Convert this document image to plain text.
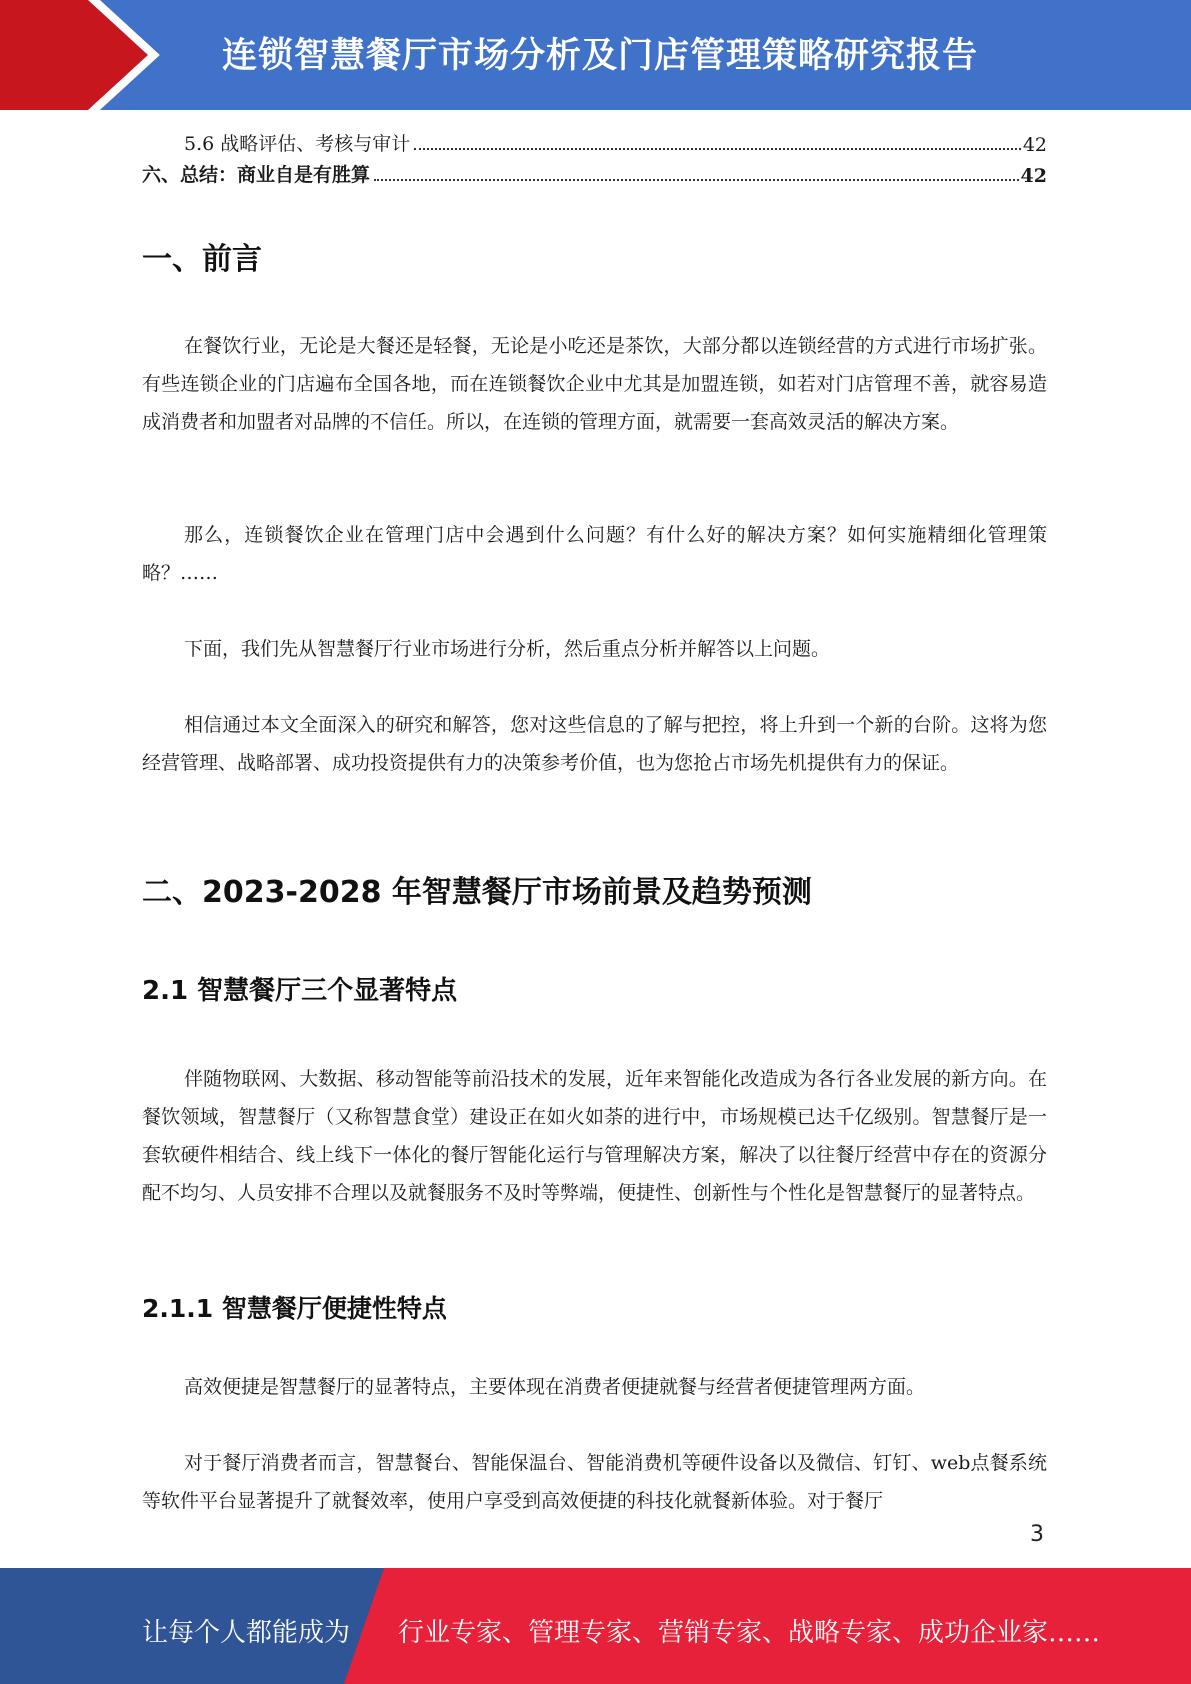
连锁智慧餐厅市场分析及门店管理策略研究报告
5.6 战略评估、考核与审计	42
六、总结：商业自是有胜算	42
一、前言

在餐饮行业，无论是大餐还是轻餐，无论是小吃还是茶饮，大部分都以连锁经营的方式进行市场扩张。有些连锁企业的门店遍布全国各地，而在连锁餐饮企业中尤其是加盟连锁，如若对门店管理不善，就容易造成消费者和加盟者对品牌的不信任。所以，在连锁的管理方面，就需要一套高效灵活的解决方案。

那么，连锁餐饮企业在管理门店中会遇到什么问题？有什么好的解决方案？如何实施精细化管理策略？……

下面，我们先从智慧餐厅行业市场进行分析，然后重点分析并解答以上问题。

相信通过本文全面深入的研究和解答，您对这些信息的了解与把控，将上升到一个新的台阶。这将为您经营管理、战略部署、成功投资提供有力的决策参考价值，也为您抢占市场先机提供有力的保证。

二、2023-2028 年智慧餐厅市场前景及趋势预测
2.1 智慧餐厅三个显著特点

伴随物联网、大数据、移动智能等前沿技术的发展，近年来智能化改造成为各行各业发展的新方向。在餐饮领域，智慧餐厅（又称智慧食堂）建设正在如火如荼的进行中，市场规模已达千亿级别。智慧餐厅是一套软硬件相结合、线上线下一体化的餐厅智能化运行与管理解决方案，解决了以往餐厅经营中存在的资源分配不均匀、人员安排不合理以及就餐服务不及时等弊端，便捷性、创新性与个性化是智慧餐厅的显著特点。

2.1.1 智慧餐厅便捷性特点

高效便捷是智慧餐厅的显著特点，主要体现在消费者便捷就餐与经营者便捷管理两方面。

对于餐厅消费者而言，智慧餐台、智能保温台、智能消费机等硬件设备以及微信、钉钉、web点餐系统等软件平台显著提升了就餐效率，使用户享受到高效便捷的科技化就餐新体验。对于餐厅

3
让每个人都能成为 行业专家、管理专家、营销专家、战略专家、成功企业家……
